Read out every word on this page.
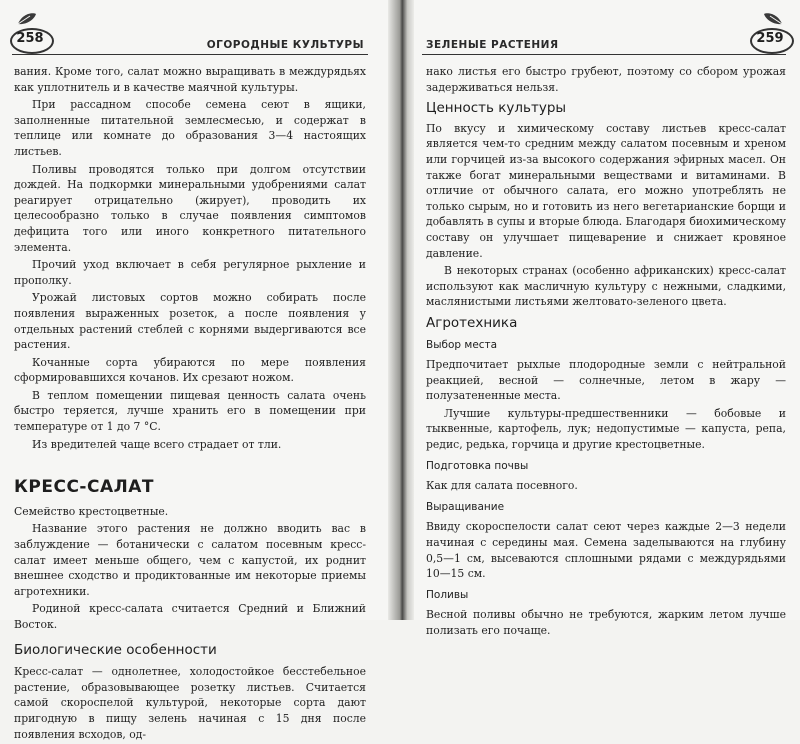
258	ОГОРОДНЫЕ КУЛЬТУРЫ

вания. Кроме того, салат можно выращивать в междурядьях как уплотнитель и в качестве маячной культуры.

При рассадном способе семена сеют в ящики, заполненные питательной землесмесью, и содержат в теплице или комнате до образования 3—4 настоящих листьев.

Поливы проводятся только при долгом отсутствии дождей. На подкормки минеральными удобрениями салат реагирует отрицательно (жирует), проводить их целесообразно только в случае появления симптомов дефицита того или иного конкретного питательного элемента.

Прочий уход включает в себя регулярное рыхление и прополку.

Урожай листовых сортов можно собирать после появления выраженных розеток, а после появления у отдельных растений стеблей с корнями выдергиваются все растения.

Кочанные сорта убираются по мере появления сформировавшихся кочанов. Их срезают ножом.

В теплом помещении пищевая ценность салата очень быстро теряется, лучше хранить его в помещении при температуре от 1 до 7 °С.

Из вредителей чаще всего страдает от тли.

КРЕСС-САЛАТ

Семейство крестоцветные.

Название этого растения не должно вводить вас в заблуждение — ботанически с салатом посевным кресс-салат имеет меньше общего, чем с капустой, их роднит внешнее сходство и продиктованные им некоторые приемы агротехники.

Родиной кресс-салата считается Средний и Ближний Восток.

Биологические особенности

Кресс-салат — однолетнее, холодостойкое бесстебельное растение, образовывающее розетку листьев. Считается самой скороспелой культурой, некоторые сорта дают пригодную в пищу зелень начиная с 15 дня после появления всходов, од-

ЗЕЛЕНЫЕ РАСТЕНИЯ	259

нако листья его быстро грубеют, поэтому со сбором урожая задерживаться нельзя.

Ценность культуры

По вкусу и химическому составу листьев кресс-салат является чем-то средним между салатом посевным и хреном или горчицей из-за высокого содержания эфирных масел. Он также богат минеральными веществами и витаминами. В отличие от обычного салата, его можно употреблять не только сырым, но и готовить из него вегетарианские борщи и добавлять в супы и вторые блюда. Благодаря биохимическому составу он улучшает пищеварение и снижает кровяное давление.

В некоторых странах (особенно африканских) кресс-салат используют как масличную культуру с нежными, сладкими, маслянистыми листьями желтовато-зеленого цвета.

Агротехника
Выбор места

Предпочитает рыхлые плодородные земли с нейтральной реакцией, весной — солнечные, летом в жару — полузатененные места.

Лучшие культуры-предшественники — бобовые и тыквенные, картофель, лук; недопустимые — капуста, репа, редис, редька, горчица и другие крестоцветные.

Подготовка почвы

Как для салата посевного.

Выращивание

Ввиду скороспелости салат сеют через каждые 2—3 недели начиная с середины мая. Семена заделываются на глубину 0,5—1 см, высеваются сплошными рядами с междурядьями 10—15 см.

Поливы

Весной поливы обычно не требуются, жарким летом лучше полизать его почаще.
